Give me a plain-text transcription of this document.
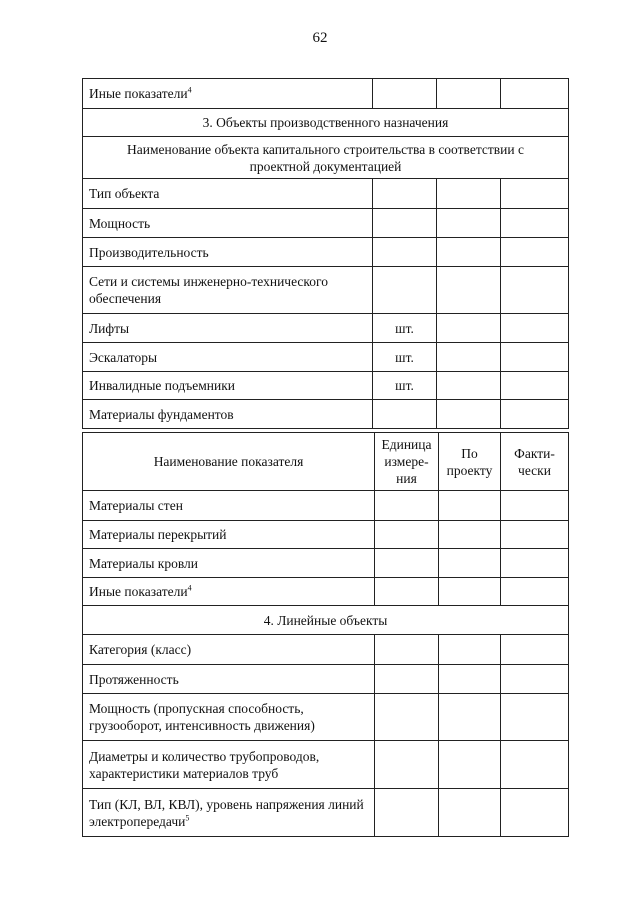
62
Иные показатели$^4$			
3. Объекты производственного назначения			
Наименование объекта капитального строительства в соответствии с проектной документацией			
Тип объекта			
Мощность			
Производительность			
Сети и системы инженерно-технического обеспечения			
Лифты	шт.		
Эскалаторы	шт.		
Инвалидные подъемники	шт.		
Материалы фундаментов			
Наименование показателя	Единица измере-ния	По проекту	Факти-чески
Материалы стен			
Материалы перекрытий			
Материалы кровли			
Иные показатели$^4$			
4. Линейные объекты			
Категория (класс)			
Протяженность			
Мощность (пропускная способность, грузооборот, интенсивность движения)			
Диаметры и количество трубопроводов, характеристики материалов труб			
Тип (КЛ, ВЛ, КВЛ), уровень напряжения линий электропередачи$^5$			
